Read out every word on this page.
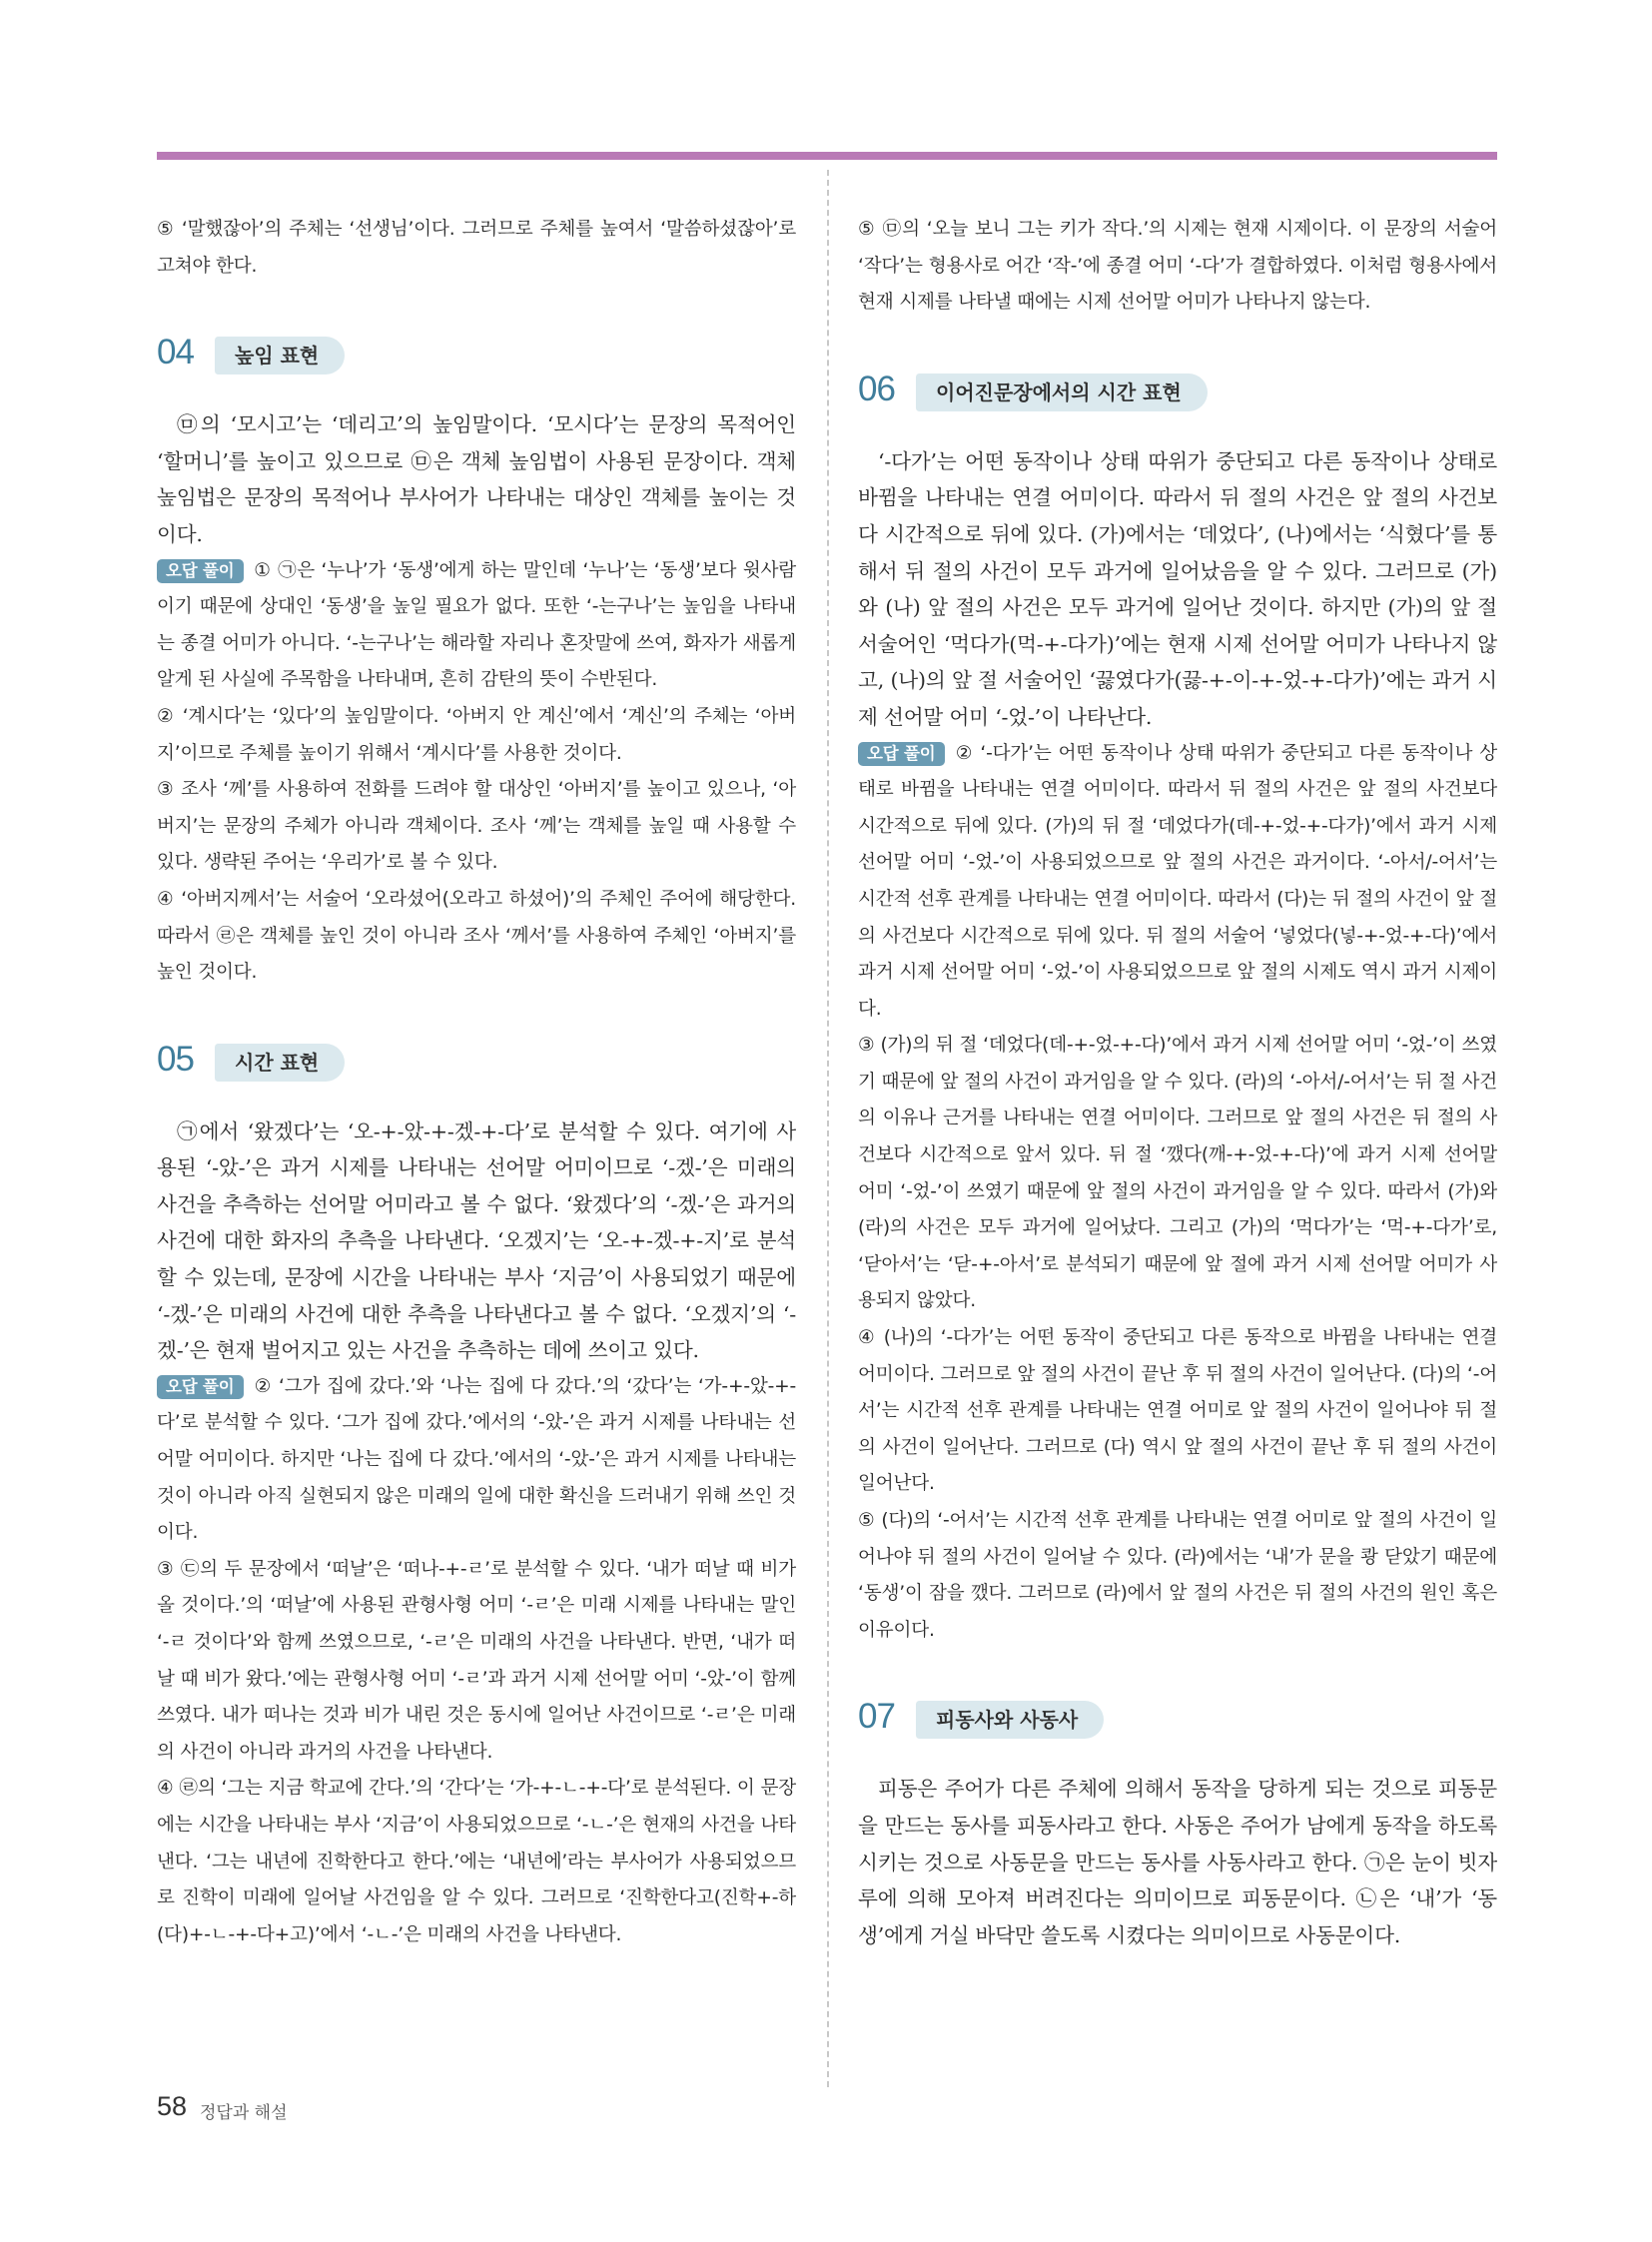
⑤ ‘말했잖아’의 주체는 ‘선생님’이다. 그러므로 주체를 높여서 ‘말씀하셨잖아’로 고쳐야 한다.

04	높임 표현

㉤의 ‘모시고’는 ‘데리고’의 높임말이다. ‘모시다’는 문장의 목적어인 ‘할머니’를 높이고 있으므로 ㉤은 객체 높임법이 사용된 문장이다. 객체 높임법은 문장의 목적어나 부사어가 나타내는 대상인 객체를 높이는 것이다.

오답 풀이 ① ㉠은 ‘누나’가 ‘동생’에게 하는 말인데 ‘누나’는 ‘동생’보다 윗사람이기 때문에 상대인 ‘동생’을 높일 필요가 없다. 또한 ‘-는구나’는 높임을 나타내는 종결 어미가 아니다. ‘-는구나’는 해라할 자리나 혼잣말에 쓰여, 화자가 새롭게 알게 된 사실에 주목함을 나타내며, 흔히 감탄의 뜻이 수반된다.

② ‘계시다’는 ‘있다’의 높임말이다. ‘아버지 안 계신’에서 ‘계신’의 주체는 ‘아버지’이므로 주체를 높이기 위해서 ‘계시다’를 사용한 것이다.

③ 조사 ‘께’를 사용하여 전화를 드려야 할 대상인 ‘아버지’를 높이고 있으나, ‘아버지’는 문장의 주체가 아니라 객체이다. 조사 ‘께’는 객체를 높일 때 사용할 수 있다. 생략된 주어는 ‘우리가’로 볼 수 있다.

④ ‘아버지께서’는 서술어 ‘오라셨어(오라고 하셨어)’의 주체인 주어에 해당한다. 따라서 ㉣은 객체를 높인 것이 아니라 조사 ‘께서’를 사용하여 주체인 ‘아버지’를 높인 것이다.

05	시간 표현

㉠에서 ‘왔겠다’는 ‘오-+-았-+-겠-+-다’로 분석할 수 있다. 여기에 사용된 ‘-았-’은 과거 시제를 나타내는 선어말 어미이므로 ‘-겠-’은 미래의 사건을 추측하는 선어말 어미라고 볼 수 없다. ‘왔겠다’의 ‘-겠-’은 과거의 사건에 대한 화자의 추측을 나타낸다. ‘오겠지’는 ‘오-+-겠-+-지’로 분석할 수 있는데, 문장에 시간을 나타내는 부사 ‘지금’이 사용되었기 때문에 ‘-겠-’은 미래의 사건에 대한 추측을 나타낸다고 볼 수 없다. ‘오겠지’의 ‘-겠-’은 현재 벌어지고 있는 사건을 추측하는 데에 쓰이고 있다.

오답 풀이 ② ‘그가 집에 갔다.’와 ‘나는 집에 다 갔다.’의 ‘갔다’는 ‘가-+-았-+-다’로 분석할 수 있다. ‘그가 집에 갔다.’에서의 ‘-았-’은 과거 시제를 나타내는 선어말 어미이다. 하지만 ‘나는 집에 다 갔다.’에서의 ‘-았-’은 과거 시제를 나타내는 것이 아니라 아직 실현되지 않은 미래의 일에 대한 확신을 드러내기 위해 쓰인 것이다.

③ ㉢의 두 문장에서 ‘떠날’은 ‘떠나-+-ㄹ’로 분석할 수 있다. ‘내가 떠날 때 비가 올 것이다.’의 ‘떠날’에 사용된 관형사형 어미 ‘-ㄹ’은 미래 시제를 나타내는 말인 ‘-ㄹ 것이다’와 함께 쓰였으므로, ‘-ㄹ’은 미래의 사건을 나타낸다. 반면, ‘내가 떠날 때 비가 왔다.’에는 관형사형 어미 ‘-ㄹ’과 과거 시제 선어말 어미 ‘-았-’이 함께 쓰였다. 내가 떠나는 것과 비가 내린 것은 동시에 일어난 사건이므로 ‘-ㄹ’은 미래의 사건이 아니라 과거의 사건을 나타낸다.

④ ㉣의 ‘그는 지금 학교에 간다.’의 ‘간다’는 ‘가-+-ㄴ-+-다’로 분석된다. 이 문장에는 시간을 나타내는 부사 ‘지금’이 사용되었으므로 ‘-ㄴ-’은 현재의 사건을 나타낸다. ‘그는 내년에 진학한다고 한다.’에는 ‘내년에’라는 부사어가 사용되었으므로 진학이 미래에 일어날 사건임을 알 수 있다. 그러므로 ‘진학한다고(진학+-하(다)+-ㄴ-+-다+고)’에서 ‘-ㄴ-’은 미래의 사건을 나타낸다.

⑤ ㉤의 ‘오늘 보니 그는 키가 작다.’의 시제는 현재 시제이다. 이 문장의 서술어 ‘작다’는 형용사로 어간 ‘작-’에 종결 어미 ‘-다’가 결합하였다. 이처럼 형용사에서 현재 시제를 나타낼 때에는 시제 선어말 어미가 나타나지 않는다.

06	이어진문장에서의 시간 표현

‘-다가’는 어떤 동작이나 상태 따위가 중단되고 다른 동작이나 상태로 바뀜을 나타내는 연결 어미이다. 따라서 뒤 절의 사건은 앞 절의 사건보다 시간적으로 뒤에 있다. (가)에서는 ‘데었다’, (나)에서는 ‘식혔다’를 통해서 뒤 절의 사건이 모두 과거에 일어났음을 알 수 있다. 그러므로 (가)와 (나) 앞 절의 사건은 모두 과거에 일어난 것이다. 하지만 (가)의 앞 절 서술어인 ‘먹다가(먹-+-다가)’에는 현재 시제 선어말 어미가 나타나지 않고, (나)의 앞 절 서술어인 ‘끓였다가(끓-+-이-+-었-+-다가)’에는 과거 시제 선어말 어미 ‘-었-’이 나타난다.

오답 풀이 ② ‘-다가’는 어떤 동작이나 상태 따위가 중단되고 다른 동작이나 상태로 바뀜을 나타내는 연결 어미이다. 따라서 뒤 절의 사건은 앞 절의 사건보다 시간적으로 뒤에 있다. (가)의 뒤 절 ‘데었다가(데-+-었-+-다가)’에서 과거 시제 선어말 어미 ‘-었-’이 사용되었으므로 앞 절의 사건은 과거이다. ‘-아서/-어서’는 시간적 선후 관계를 나타내는 연결 어미이다. 따라서 (다)는 뒤 절의 사건이 앞 절의 사건보다 시간적으로 뒤에 있다. 뒤 절의 서술어 ‘넣었다(넣-+-었-+-다)’에서 과거 시제 선어말 어미 ‘-었-’이 사용되었으므로 앞 절의 시제도 역시 과거 시제이다.

③ (가)의 뒤 절 ‘데었다(데-+-었-+-다)’에서 과거 시제 선어말 어미 ‘-었-’이 쓰였기 때문에 앞 절의 사건이 과거임을 알 수 있다. (라)의 ‘-아서/-어서’는 뒤 절 사건의 이유나 근거를 나타내는 연결 어미이다. 그러므로 앞 절의 사건은 뒤 절의 사건보다 시간적으로 앞서 있다. 뒤 절 ‘깼다(깨-+-었-+-다)’에 과거 시제 선어말 어미 ‘-었-’이 쓰였기 때문에 앞 절의 사건이 과거임을 알 수 있다. 따라서 (가)와 (라)의 사건은 모두 과거에 일어났다. 그리고 (가)의 ‘먹다가’는 ‘먹-+-다가’로, ‘닫아서’는 ‘닫-+-아서’로 분석되기 때문에 앞 절에 과거 시제 선어말 어미가 사용되지 않았다.

④ (나)의 ‘-다가’는 어떤 동작이 중단되고 다른 동작으로 바뀜을 나타내는 연결 어미이다. 그러므로 앞 절의 사건이 끝난 후 뒤 절의 사건이 일어난다. (다)의 ‘-어서’는 시간적 선후 관계를 나타내는 연결 어미로 앞 절의 사건이 일어나야 뒤 절의 사건이 일어난다. 그러므로 (다) 역시 앞 절의 사건이 끝난 후 뒤 절의 사건이 일어난다.

⑤ (다)의 ‘-어서’는 시간적 선후 관계를 나타내는 연결 어미로 앞 절의 사건이 일어나야 뒤 절의 사건이 일어날 수 있다. (라)에서는 ‘내’가 문을 쾅 닫았기 때문에 ‘동생’이 잠을 깼다. 그러므로 (라)에서 앞 절의 사건은 뒤 절의 사건의 원인 혹은 이유이다.

07	피동사와 사동사

피동은 주어가 다른 주체에 의해서 동작을 당하게 되는 것으로 피동문을 만드는 동사를 피동사라고 한다. 사동은 주어가 남에게 동작을 하도록 시키는 것으로 사동문을 만드는 동사를 사동사라고 한다. ㉠은 눈이 빗자루에 의해 모아져 버려진다는 의미이므로 피동문이다. ㉡은 ‘내’가 ‘동생’에게 거실 바닥만 쓸도록 시켰다는 의미이므로 사동문이다.

58 정답과 해설
